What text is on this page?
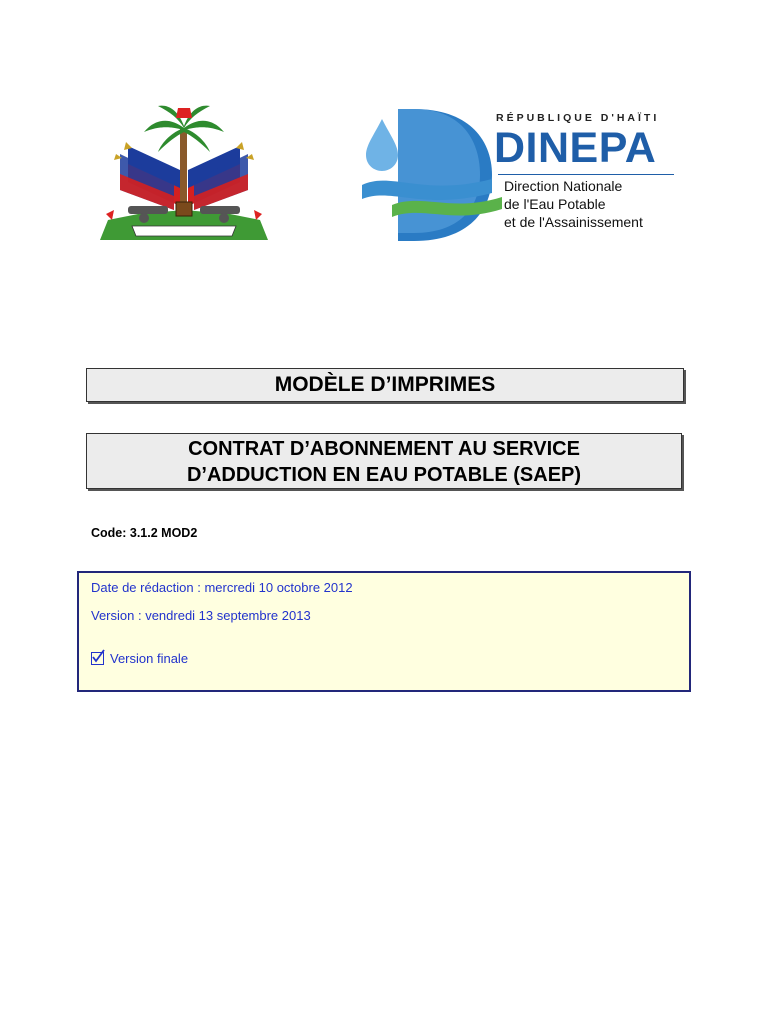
RÉPUBLIQUE D'HAÏTI
DINEPA
Direction Nationale
de l'Eau Potable
et de l'Assainissement
MODÈLE D’IMPRIMES
CONTRAT D’ABONNEMENT AU SERVICE
D’ADDUCTION EN EAU POTABLE (SAEP)
Code: 3.1.2 MOD2
Date de rédaction : mercredi 10 octobre 2012
Version : vendredi 13 septembre 2013
Version finale
